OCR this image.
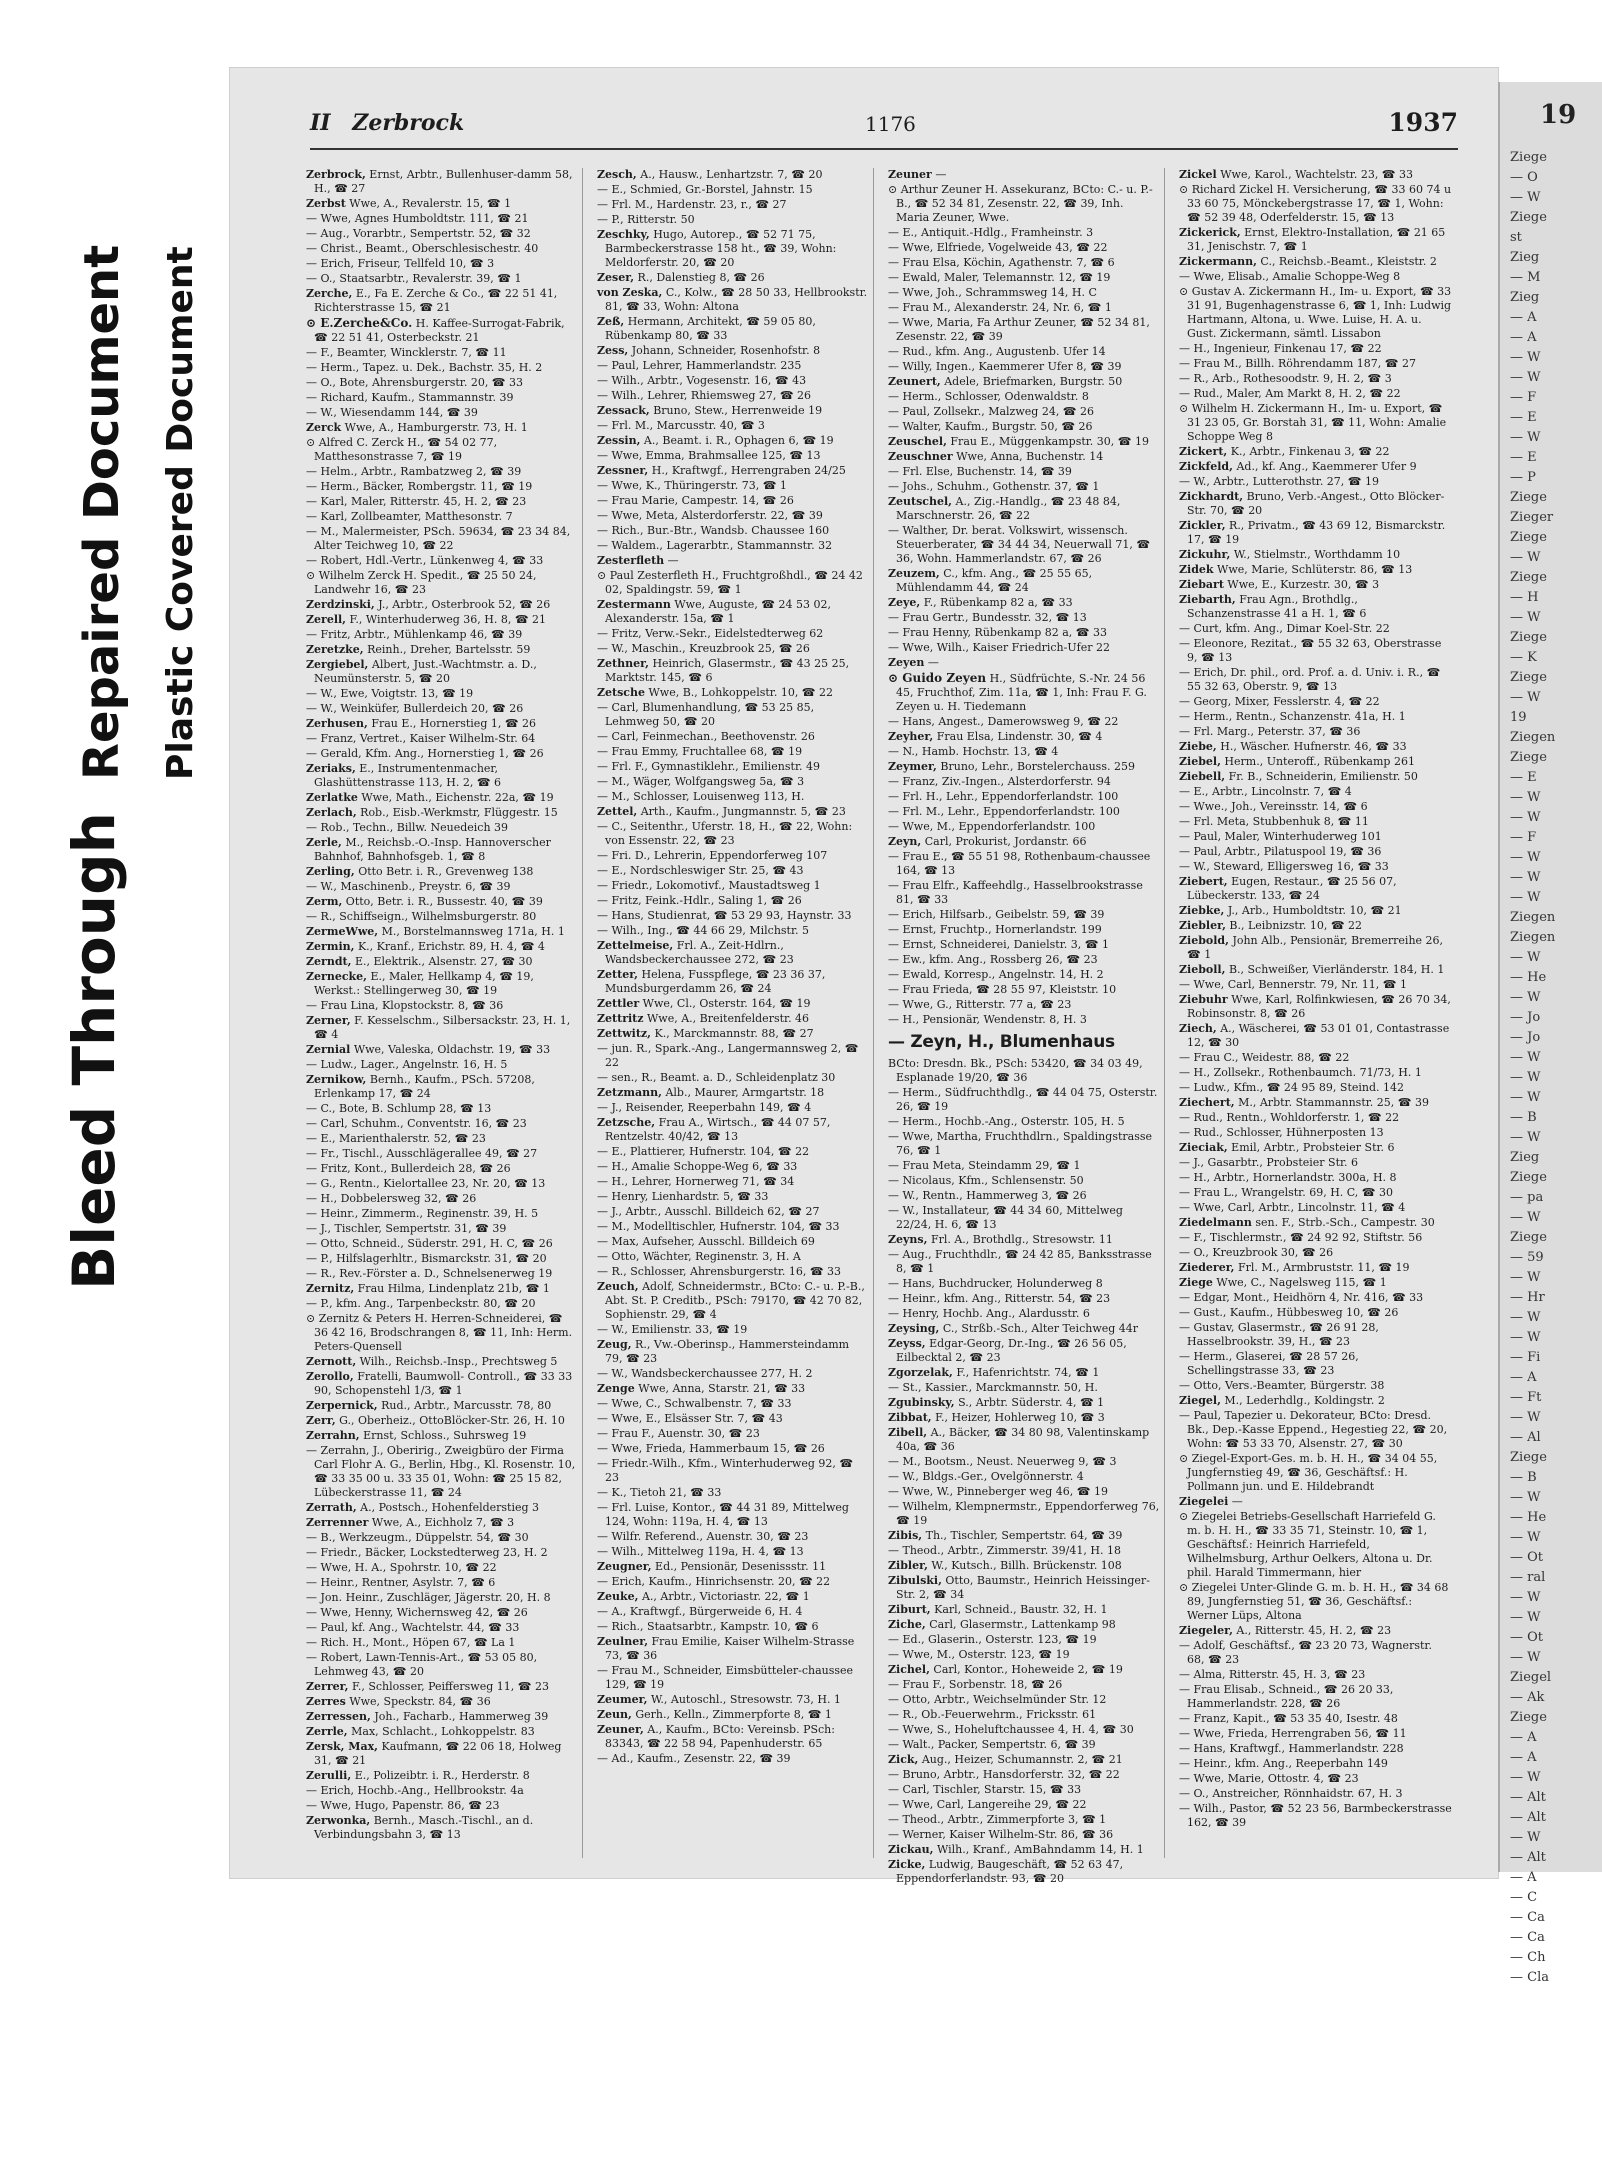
Bleed Through
Repaired Document Plastic Covered Document
II Zerbrock	1176	1937
Zerbrock, Ernst, Arbtr., Bullenhuser-damm 58, H., ☎ 27
Zerbst Wwe, A., Revalerstr. 15, ☎ 1
— Wwe, Agnes Humboldtstr. 111, ☎ 21
— Aug., Vorarbtr., Sempertstr. 52, ☎ 32
— Christ., Beamt., Oberschlesischestr. 40
— Erich, Friseur, Tellfeld 10, ☎ 3
— O., Staatsarbtr., Revalerstr. 39, ☎ 1
Zerche, E., Fa E. Zerche & Co., ☎ 22 51 41, Richterstrasse 15, ☎ 21
⊙ E.Zerche&Co. H. Kaffee-Surrogat-Fabrik, ☎ 22 51 41, Osterbeckstr. 21
— F., Beamter, Wincklerstr. 7, ☎ 11
— Herm., Tapez. u. Dek., Bachstr. 35, H. 2
— O., Bote, Ahrensburgerstr. 20, ☎ 33
— Richard, Kaufm., Stammannstr. 39
— W., Wiesendamm 144, ☎ 39
Zerck Wwe, A., Hamburgerstr. 73, H. 1
⊙ Alfred C. Zerck H., ☎ 54 02 77, Matthesonstrasse 7, ☎ 19
— Helm., Arbtr., Rambatzweg 2, ☎ 39
— Herm., Bäcker, Rombergstr. 11, ☎ 19
— Karl, Maler, Ritterstr. 45, H. 2, ☎ 23
— Karl, Zollbeamter, Matthesonstr. 7
— M., Malermeister, PSch. 59634, ☎ 23 34 84, Alter Teichweg 10, ☎ 22
— Robert, Hdl.-Vertr., Lünkenweg 4, ☎ 33
⊙ Wilhelm Zerck H. Spedit., ☎ 25 50 24, Landwehr 16, ☎ 23
Zerdzinski, J., Arbtr., Osterbrook 52, ☎ 26
Zerell, F., Winterhuderweg 36, H. 8, ☎ 21
— Fritz, Arbtr., Mühlenkamp 46, ☎ 39
Zeretzke, Reinh., Dreher, Bartelsstr. 59
Zergiebel, Albert, Just.-Wachtmstr. a. D., Neumünsterstr. 5, ☎ 20
— W., Ewe, Voigtstr. 13, ☎ 19
— W., Weinküfer, Bullerdeich 20, ☎ 26
Zerhusen, Frau E., Hornerstieg 1, ☎ 26
— Franz, Vertret., Kaiser Wilhelm-Str. 64
— Gerald, Kfm. Ang., Hornerstieg 1, ☎ 26
Zeriaks, E., Instrumentenmacher, Glashüttenstrasse 113, H. 2, ☎ 6
Zerlatke Wwe, Math., Eichenstr. 22a, ☎ 19
Zerlach, Rob., Eisb.-Werkmstr, Flüggestr. 15
— Rob., Techn., Billw. Neuedeich 39
Zerle, M., Reichsb.-O.-Insp. Hannoverscher Bahnhof, Bahnhofsgeb. 1, ☎ 8
Zerling, Otto Betr. i. R., Grevenweg 138
— W., Maschinenb., Preystr. 6, ☎ 39
Zerm, Otto, Betr. i. R., Bussestr. 40, ☎ 39
— R., Schiffseign., Wilhelmsburgerstr. 80
ZermeWwe, M., Borstelmannsweg 171a, H. 1
Zermin, K., Kranf., Erichstr. 89, H. 4, ☎ 4
Zerndt, E., Elektrik., Alsenstr. 27, ☎ 30
Zernecke, E., Maler, Hellkamp 4, ☎ 19, Werkst.: Stellingerweg 30, ☎ 19
— Frau Lina, Klopstockstr. 8, ☎ 36
Zerner, F. Kesselschm., Silbersackstr. 23, H. 1, ☎ 4
Zernial Wwe, Valeska, Oldachstr. 19, ☎ 33
— Ludw., Lager., Angelnstr. 16, H. 5
Zernikow, Bernh., Kaufm., PSch. 57208, Erlenkamp 17, ☎ 24
— C., Bote, B. Schlump 28, ☎ 13
— Carl, Schuhm., Conventstr. 16, ☎ 23
— E., Marienthalerstr. 52, ☎ 23
— Fr., Tischl., Ausschlägerallee 49, ☎ 27
— Fritz, Kont., Bullerdeich 28, ☎ 26
— G., Rentn., Kielortallee 23, Nr. 20, ☎ 13
— H., Dobbelersweg 32, ☎ 26
— Heinr., Zimmerm., Reginenstr. 39, H. 5
— J., Tischler, Sempertstr. 31, ☎ 39
— Otto, Schneid., Süderstr. 291, H. C, ☎ 26
— P., Hilfslagerhltr., Bismarckstr. 31, ☎ 20
— R., Rev.-Förster a. D., Schnelsenerweg 19
Zernitz, Frau Hilma, Lindenplatz 21b, ☎ 1
— P., kfm. Ang., Tarpenbeckstr. 80, ☎ 20
⊙ Zernitz & Peters H. Herren-Schneiderei, ☎ 36 42 16, Brodschrangen 8, ☎ 11, Inh: Herm. Peters-Quensell
Zernott, Wilh., Reichsb.-Insp., Prechtsweg 5
Zerollo, Fratelli, Baumwoll- Controll., ☎ 33 33 90, Schopenstehl 1/3, ☎ 1
Zerpernick, Rud., Arbtr., Marcusstr. 78, 80
Zerr, G., Oberheiz., OttoBlöcker-Str. 26, H. 10
Zerrahn, Ernst, Schloss., Suhrsweg 19
— Zerrahn, J., Oberirig., Zweigbüro der Firma Carl Flohr A. G., Berlin, Hbg., Kl. Rosenstr. 10, ☎ 33 35 00 u. 33 35 01, Wohn: ☎ 25 15 82, Lübeckerstrasse 11, ☎ 24
Zerrath, A., Postsch., Hohenfelderstieg 3
Zerrenner Wwe, A., Eichholz 7, ☎ 3
— B., Werkzeugm., Düppelstr. 54, ☎ 30
— Friedr., Bäcker, Lockstedterweg 23, H. 2
— Wwe, H. A., Spohrstr. 10, ☎ 22
— Heinr., Rentner, Asylstr. 7, ☎ 6
— Jon. Heinr., Zuschläger, Jägerstr. 20, H. 8
— Wwe, Henny, Wichernsweg 42, ☎ 26
— Paul, kf. Ang., Wachtelstr. 44, ☎ 33
— Rich. H., Mont., Höpen 67, ☎ La 1
— Robert, Lawn-Tennis-Art., ☎ 53 05 80, Lehmweg 43, ☎ 20
Zerrer, F., Schlosser, Peiffersweg 11, ☎ 23
Zerres Wwe, Speckstr. 84, ☎ 36
Zerressen, Joh., Facharb., Hammerweg 39
Zerrle, Max, Schlacht., Lohkoppelstr. 83
Zersk, Max, Kaufmann, ☎ 22 06 18, Holweg 31, ☎ 21
Zerulli, E., Polizeibtr. i. R., Herderstr. 8
— Erich, Hochb.-Ang., Hellbrookstr. 4a
— Wwe, Hugo, Papenstr. 86, ☎ 23
Zerwonka, Bernh., Masch.-Tischl., an d. Verbindungsbahn 3, ☎ 13
Zesch, A., Hausw., Lenhartzstr. 7, ☎ 20
— E., Schmied, Gr.-Borstel, Jahnstr. 15
— Frl. M., Hardenstr. 23, r., ☎ 27
— P., Ritterstr. 50
Zeschky, Hugo, Autorep., ☎ 52 71 75, Barmbeckerstrasse 158 ht., ☎ 39, Wohn: Meldorferstr. 20, ☎ 20
Zeser, R., Dalenstieg 8, ☎ 26
von Zeska, C., Kolw., ☎ 28 50 33, Hellbrookstr. 81, ☎ 33, Wohn: Altona
Zeß, Hermann, Architekt, ☎ 59 05 80, Rübenkamp 80, ☎ 33
Zess, Johann, Schneider, Rosenhofstr. 8
— Paul, Lehrer, Hammerlandstr. 235
— Wilh., Arbtr., Vogesenstr. 16, ☎ 43
— Wilh., Lehrer, Rhiemsweg 27, ☎ 26
Zessack, Bruno, Stew., Herrenweide 19
— Frl. M., Marcusstr. 40, ☎ 3
Zessin, A., Beamt. i. R., Ophagen 6, ☎ 19
— Wwe, Emma, Brahmsallee 125, ☎ 13
Zessner, H., Kraftwgf., Herrengraben 24/25
— Wwe, K., Thüringerstr. 73, ☎ 1
— Frau Marie, Campestr. 14, ☎ 26
— Wwe, Meta, Alsterdorferstr. 22, ☎ 39
— Rich., Bur.-Btr., Wandsb. Chaussee 160
— Waldem., Lagerarbtr., Stammannstr. 32
Zesterfleth —
⊙ Paul Zesterfleth H., Fruchtgroßhdl., ☎ 24 42 02, Spaldingstr. 59, ☎ 1
Zestermann Wwe, Auguste, ☎ 24 53 02, Alexanderstr. 15a, ☎ 1
— Fritz, Verw.-Sekr., Eidelstedterweg 62
— W., Maschin., Kreuzbrook 25, ☎ 26
Zethner, Heinrich, Glasermstr., ☎ 43 25 25, Marktstr. 145, ☎ 6
Zetsche Wwe, B., Lohkoppelstr. 10, ☎ 22
— Carl, Blumenhandlung, ☎ 53 25 85, Lehmweg 50, ☎ 20
— Carl, Feinmechan., Beethovenstr. 26
— Frau Emmy, Fruchtallee 68, ☎ 19
— Frl. F., Gymnastiklehr., Emilienstr. 49
— M., Wäger, Wolfgangsweg 5a, ☎ 3
— M., Schlosser, Louisenweg 113, H.
Zettel, Arth., Kaufm., Jungmannstr. 5, ☎ 23
— C., Seitenthr., Uferstr. 18, H., ☎ 22, Wohn: von Essenstr. 22, ☎ 23
— Fri. D., Lehrerin, Eppendorferweg 107
— E., Nordschleswiger Str. 25, ☎ 43
— Friedr., Lokomotivf., Maustadtsweg 1
— Fritz, Feink.-Hdlr., Saling 1, ☎ 26
— Hans, Studienrat, ☎ 53 29 93, Haynstr. 33
— Wilh., Ing., ☎ 44 66 29, Milchstr. 5
Zettelmeise, Frl. A., Zeit-Hdlrn., Wandsbeckerchaussee 272, ☎ 23
Zetter, Helena, Fusspflege, ☎ 23 36 37, Mundsburgerdamm 26, ☎ 24
Zettler Wwe, Cl., Osterstr. 164, ☎ 19
Zettritz Wwe, A., Breitenfelderstr. 46
Zettwitz, K., Marckmannstr. 88, ☎ 27
— jun. R., Spark.-Ang., Langermannsweg 2, ☎ 22
— sen., R., Beamt. a. D., Schleidenplatz 30
Zetzmann, Alb., Maurer, Armgartstr. 18
— J., Reisender, Reeperbahn 149, ☎ 4
Zetzsche, Frau A., Wirtsch., ☎ 44 07 57, Rentzelstr. 40/42, ☎ 13
— E., Plattierer, Hufnerstr. 104, ☎ 22
— H., Amalie Schoppe-Weg 6, ☎ 33
— H., Lehrer, Hornerweg 71, ☎ 34
— Henry, Lienhardstr. 5, ☎ 33
— J., Arbtr., Ausschl. Billdeich 62, ☎ 27
— M., Modelltischler, Hufnerstr. 104, ☎ 33
— Max, Aufseher, Ausschl. Billdeich 69
— Otto, Wächter, Reginenstr. 3, H. A
— R., Schlosser, Ahrensburgerstr. 16, ☎ 33
Zeuch, Adolf, Schneidermstr., BCto: C.- u. P.-B., Abt. St. P. Creditb., PSch: 79170, ☎ 42 70 82, Sophienstr. 29, ☎ 4
— W., Emilienstr. 33, ☎ 19
Zeug, R., Vw.-Oberinsp., Hammersteindamm 79, ☎ 23
— W., Wandsbeckerchaussee 277, H. 2
Zenge Wwe, Anna, Starstr. 21, ☎ 33
— Wwe, C., Schwalbenstr. 7, ☎ 33
— Wwe, E., Elsässer Str. 7, ☎ 43
— Frau F., Auenstr. 30, ☎ 23
— Wwe, Frieda, Hammerbaum 15, ☎ 26
— Friedr.-Wilh., Kfm., Winterhuderweg 92, ☎ 23
— K., Tietoh 21, ☎ 33
— Frl. Luise, Kontor., ☎ 44 31 89, Mittelweg 124, Wohn: 119a, H. 4, ☎ 13
— Wilfr. Referend., Auenstr. 30, ☎ 23
— Wilh., Mittelweg 119a, H. 4, ☎ 13
Zeugner, Ed., Pensionär, Desenissstr. 11
— Erich, Kaufm., Hinrichsenstr. 20, ☎ 22
Zeuke, A., Arbtr., Victoriastr. 22, ☎ 1
— A., Kraftwgf., Bürgerweide 6, H. 4
— Rich., Staatsarbtr., Kampstr. 10, ☎ 6
Zeulner, Frau Emilie, Kaiser Wilhelm-Strasse 73, ☎ 36
— Frau M., Schneider, Eimsbütteler-chaussee 129, ☎ 19
Zeumer, W., Autoschl., Stresowstr. 73, H. 1
Zeun, Gerh., Kelln., Zimmerpforte 8, ☎ 1
Zeuner, A., Kaufm., BCto: Vereinsb. PSch: 83343, ☎ 22 58 94, Papenhuderstr. 65
— Ad., Kaufm., Zesenstr. 22, ☎ 39
Zeuner —
⊙ Arthur Zeuner H. Assekuranz, BCto: C.- u. P.-B., ☎ 52 34 81, Zesenstr. 22, ☎ 39, Inh. Maria Zeuner, Wwe.
— E., Antiquit.-Hdlg., Framheinstr. 3
— Wwe, Elfriede, Vogelweide 43, ☎ 22
— Frau Elsa, Köchin, Agathenstr. 7, ☎ 6
— Ewald, Maler, Telemannstr. 12, ☎ 19
— Wwe, Joh., Schrammsweg 14, H. C
— Frau M., Alexanderstr. 24, Nr. 6, ☎ 1
— Wwe, Maria, Fa Arthur Zeuner, ☎ 52 34 81, Zesenstr. 22, ☎ 39
— Rud., kfm. Ang., Augustenb. Ufer 14
— Willy, Ingen., Kaemmerer Ufer 8, ☎ 39
Zeunert, Adele, Briefmarken, Burgstr. 50
— Herm., Schlosser, Odenwaldstr. 8
— Paul, Zollsekr., Malzweg 24, ☎ 26
— Walter, Kaufm., Burgstr. 50, ☎ 26
Zeuschel, Frau E., Müggenkampstr. 30, ☎ 19
Zeuschner Wwe, Anna, Buchenstr. 14
— Frl. Else, Buchenstr. 14, ☎ 39
— Johs., Schuhm., Gothenstr. 37, ☎ 1
Zeutschel, A., Zig.-Handlg., ☎ 23 48 84, Marschnerstr. 26, ☎ 22
— Walther, Dr. berat. Volkswirt, wissensch. Steuerberater, ☎ 34 44 34, Neuerwall 71, ☎ 36, Wohn. Hammerlandstr. 67, ☎ 26
Zeuzem, C., kfm. Ang., ☎ 25 55 65, Mühlendamm 44, ☎ 24
Zeye, F., Rübenkamp 82 a, ☎ 33
— Frau Gertr., Bundesstr. 32, ☎ 13
— Frau Henny, Rübenkamp 82 a, ☎ 33
— Wwe, Wilh., Kaiser Friedrich-Ufer 22
Zeyen —
⊙ Guido Zeyen H., Südfrüchte, S.-Nr. 24 56 45, Fruchthof, Zim. 11a, ☎ 1, Inh: Frau F. G. Zeyen u. H. Tiedemann
— Hans, Angest., Damerowsweg 9, ☎ 22
Zeyher, Frau Elsa, Lindenstr. 30, ☎ 4
— N., Hamb. Hochstr. 13, ☎ 4
Zeymer, Bruno, Lehr., Borstelerchauss. 259
— Franz, Ziv.-Ingen., Alsterdorferstr. 94
— Frl. H., Lehr., Eppendorferlandstr. 100
— Frl. M., Lehr., Eppendorferlandstr. 100
— Wwe, M., Eppendorferlandstr. 100
Zeyn, Carl, Prokurist, Jordanstr. 66
— Frau E., ☎ 55 51 98, Rothenbaum-chaussee 164, ☎ 13
— Frau Elfr., Kaffeehdlg., Hasselbrookstrasse 81, ☎ 33
— Erich, Hilfsarb., Geibelstr. 59, ☎ 39
— Ernst, Fruchtp., Hornerlandstr. 199
— Ernst, Schneiderei, Danielstr. 3, ☎ 1
— Ew., kfm. Ang., Rossberg 26, ☎ 23
— Ewald, Korresp., Angelnstr. 14, H. 2
— Frau Frieda, ☎ 28 55 97, Kleiststr. 10
— Wwe, G., Ritterstr. 77 a, ☎ 23
— H., Pensionär, Wendenstr. 8, H. 3
— Zeyn, H., Blumenhaus
BCto: Dresdn. Bk., PSch: 53420, ☎ 34 03 49, Esplanade 19/20, ☎ 36
— Herm., Südfruchthdlg., ☎ 44 04 75, Osterstr. 26, ☎ 19
— Herm., Hochb.-Ang., Osterstr. 105, H. 5
— Wwe, Martha, Fruchthdlrn., Spaldingstrasse 76, ☎ 1
— Frau Meta, Steindamm 29, ☎ 1
— Nicolaus, Kfm., Schlensenstr. 50
— W., Rentn., Hammerweg 3, ☎ 26
— W., Installateur, ☎ 44 34 60, Mittelweg 22/24, H. 6, ☎ 13
Zeyns, Frl. A., Brothdlg., Stresowstr. 11
— Aug., Fruchthdlr., ☎ 24 42 85, Banksstrasse 8, ☎ 1
— Hans, Buchdrucker, Holunderweg 8
— Heinr., kfm. Ang., Ritterstr. 54, ☎ 23
— Henry, Hochb. Ang., Alardusstr. 6
Zeysing, C., Strßb.-Sch., Alter Teichweg 44r
Zeyss, Edgar-Georg, Dr.-Ing., ☎ 26 56 05, Eilbecktal 2, ☎ 23
Zgorzelak, F., Hafenrichtstr. 74, ☎ 1
— St., Kassier., Marckmannstr. 50, H.
Zgubinsky, S., Arbtr. Süderstr. 4, ☎ 1
Zibbat, F., Heizer, Hohlerweg 10, ☎ 3
Zibell, A., Bäcker, ☎ 34 80 98, Valentinskamp 40a, ☎ 36
— M., Bootsm., Neust. Neuerweg 9, ☎ 3
— W., Bldgs.-Ger., Ovelgönnerstr. 4
— Wwe, W., Pinneberger weg 46, ☎ 19
— Wilhelm, Klempnermstr., Eppendorferweg 76, ☎ 19
Zibis, Th., Tischler, Sempertstr. 64, ☎ 39
— Theod., Arbtr., Zimmerstr. 39/41, H. 18
Zibler, W., Kutsch., Billh. Brückenstr. 108
Zibulski, Otto, Baumstr., Heinrich Heissinger-Str. 2, ☎ 34
Ziburt, Karl, Schneid., Baustr. 32, H. 1
Ziche, Carl, Glasermstr., Lattenkamp 98
— Ed., Glaserin., Osterstr. 123, ☎ 19
— Wwe, M., Osterstr. 123, ☎ 19
Zichel, Carl, Kontor., Hoheweide 2, ☎ 19
— Frau F., Sorbenstr. 18, ☎ 26
— Otto, Arbtr., Weichselmünder Str. 12
— R., Ob.-Feuerwehrm., Fricksstr. 61
— Wwe, S., Hoheluftchaussee 4, H. 4, ☎ 30
— Walt., Packer, Sempertstr. 6, ☎ 39
Zick, Aug., Heizer, Schumannstr. 2, ☎ 21
— Bruno, Arbtr., Hansdorferstr. 32, ☎ 22
— Carl, Tischler, Starstr. 15, ☎ 33
— Wwe, Carl, Langereihe 29, ☎ 22
— Theod., Arbtr., Zimmerpforte 3, ☎ 1
— Werner, Kaiser Wilhelm-Str. 86, ☎ 36
Zickau, Wilh., Kranf., AmBahndamm 14, H. 1
Zicke, Ludwig, Baugeschäft, ☎ 52 63 47, Eppendorferlandstr. 93, ☎ 20
Zickel Wwe, Karol., Wachtelstr. 23, ☎ 33
⊙ Richard Zickel H. Versicherung, ☎ 33 60 74 u 33 60 75, Mönckebergstrasse 17, ☎ 1, Wohn: ☎ 52 39 48, Oderfelderstr. 15, ☎ 13
Zickerick, Ernst, Elektro-Installation, ☎ 21 65 31, Jenischstr. 7, ☎ 1
Zickermann, C., Reichsb.-Beamt., Kleiststr. 2
— Wwe, Elisab., Amalie Schoppe-Weg 8
⊙ Gustav A. Zickermann H., Im- u. Export, ☎ 33 31 91, Bugenhagenstrasse 6, ☎ 1, Inh: Ludwig Hartmann, Altona, u. Wwe. Luise, H. A. u. Gust. Zickermann, sämtl. Lissabon
— H., Ingenieur, Finkenau 17, ☎ 22
— Frau M., Billh. Röhrendamm 187, ☎ 27
— R., Arb., Rothesoodstr. 9, H. 2, ☎ 3
— Rud., Maler, Am Markt 8, H. 2, ☎ 22
⊙ Wilhelm H. Zickermann H., Im- u. Export, ☎ 31 23 05, Gr. Borstah 31, ☎ 11, Wohn: Amalie Schoppe Weg 8
Zickert, K., Arbtr., Finkenau 3, ☎ 22
Zickfeld, Ad., kf. Ang., Kaemmerer Ufer 9
— W., Arbtr., Lutterothstr. 27, ☎ 19
Zickhardt, Bruno, Verb.-Angest., Otto Blöcker-Str. 70, ☎ 20
Zickler, R., Privatm., ☎ 43 69 12, Bismarckstr. 17, ☎ 19
Zickuhr, W., Stielmstr., Worthdamm 10
Zidek Wwe, Marie, Schlüterstr. 86, ☎ 13
Ziebart Wwe, E., Kurzestr. 30, ☎ 3
Ziebarth, Frau Agn., Brothdlg., Schanzenstrasse 41 a H. 1, ☎ 6
— Curt, kfm. Ang., Dimar Koel-Str. 22
— Eleonore, Rezitat., ☎ 55 32 63, Oberstrasse 9, ☎ 13
— Erich, Dr. phil., ord. Prof. a. d. Univ. i. R., ☎ 55 32 63, Oberstr. 9, ☎ 13
— Georg, Mixer, Fesslerstr. 4, ☎ 22
— Herm., Rentn., Schanzenstr. 41a, H. 1
— Frl. Marg., Peterstr. 37, ☎ 36
Ziebe, H., Wäscher. Hufnerstr. 46, ☎ 33
Ziebel, Herm., Unteroff., Rübenkamp 261
Ziebell, Fr. B., Schneiderin, Emilienstr. 50
— E., Arbtr., Lincolnstr. 7, ☎ 4
— Wwe., Joh., Vereinsstr. 14, ☎ 6
— Frl. Meta, Stubbenhuk 8, ☎ 11
— Paul, Maler, Winterhuderweg 101
— Paul, Arbtr., Pilatuspool 19, ☎ 36
— W., Steward, Elligersweg 16, ☎ 33
Ziebert, Eugen, Restaur., ☎ 25 56 07, Lübeckerstr. 133, ☎ 24
Ziebke, J., Arb., Humboldtstr. 10, ☎ 21
Ziebler, B., Leibnizstr. 10, ☎ 22
Ziebold, John Alb., Pensionär, Bremerreihe 26, ☎ 1
Zieboll, B., Schweißer, Vierländerstr. 184, H. 1
— Wwe, Carl, Bennerstr. 79, Nr. 11, ☎ 1
Ziebuhr Wwe, Karl, Rolfinkwiesen, ☎ 26 70 34, Robinsonstr. 8, ☎ 26
Ziech, A., Wäscherei, ☎ 53 01 01, Contastrasse 12, ☎ 30
— Frau C., Weidestr. 88, ☎ 22
— H., Zollsekr., Rothenbaumch. 71/73, H. 1
— Ludw., Kfm., ☎ 24 95 89, Steind. 142
Ziechert, M., Arbtr. Stammannstr. 25, ☎ 39
— Rud., Rentn., Wohldorferstr. 1, ☎ 22
— Rud., Schlosser, Hühnerposten 13
Zieciak, Emil, Arbtr., Probsteier Str. 6
— J., Gasarbtr., Probsteier Str. 6
— H., Arbtr., Hornerlandstr. 300a, H. 8
— Frau L., Wrangelstr. 69, H. C, ☎ 30
— Wwe, Carl, Arbtr., Lincolnstr. 11, ☎ 4
Ziedelmann sen. F., Strb.-Sch., Campestr. 30
— F., Tischlermstr., ☎ 24 92 92, Stiftstr. 56
— O., Kreuzbrook 30, ☎ 26
Ziederer, Frl. M., Armbruststr. 11, ☎ 19
Ziege Wwe, C., Nagelsweg 115, ☎ 1
— Edgar, Mont., Heidhörn 4, Nr. 416, ☎ 33
— Gust., Kaufm., Hübbesweg 10, ☎ 26
— Gustav, Glasermstr., ☎ 26 91 28, Hasselbrookstr. 39, H., ☎ 23
— Herm., Glaserei, ☎ 28 57 26, Schellingstrasse 33, ☎ 23
— Otto, Vers.-Beamter, Bürgerstr. 38
Ziegel, M., Lederhdlg., Koldingstr. 2
— Paul, Tapezier u. Dekorateur, BCto: Dresd. Bk., Dep.-Kasse Eppend., Hegestieg 22, ☎ 20, Wohn: ☎ 53 33 70, Alsenstr. 27, ☎ 30
⊙ Ziegel-Export-Ges. m. b. H. H., ☎ 34 04 55, Jungfernstieg 49, ☎ 36, Geschäftsf.: H. Pollmann jun. und E. Hildebrandt
Ziegelei —
⊙ Ziegelei Betriebs-Gesellschaft Harriefeld G. m. b. H. H., ☎ 33 35 71, Steinstr. 10, ☎ 1, Geschäftsf.: Heinrich Harriefeld, Wilhelmsburg, Arthur Oelkers, Altona u. Dr. phil. Harald Timmermann, hier
⊙ Ziegelei Unter-Glinde G. m. b. H. H., ☎ 34 68 89, Jungfernstieg 51, ☎ 36, Geschäftsf.: Werner Lüps, Altona
Ziegeler, A., Ritterstr. 45, H. 2, ☎ 23
— Adolf, Geschäftsf., ☎ 23 20 73, Wagnerstr. 68, ☎ 23
— Alma, Ritterstr. 45, H. 3, ☎ 23
— Frau Elisab., Schneid., ☎ 26 20 33, Hammerlandstr. 228, ☎ 26
— Franz, Kapit., ☎ 53 35 40, Isestr. 48
— Wwe, Frieda, Herrengraben 56, ☎ 11
— Hans, Kraftwgf., Hammerlandstr. 228
— Heinr., kfm. Ang., Reeperbahn 149
— Wwe, Marie, Ottostr. 4, ☎ 23
— O., Anstreicher, Rönnhaidstr. 67, H. 3
— Wilh., Pastor, ☎ 52 23 56, Barmbeckerstrasse 162, ☎ 39
19
Ziege
— O
— W
Ziege
st
Zieg
— M
Zieg
— A
— A
— W
— W
— F
— E
— W
— E
— P
Ziege
Zieger
Ziege
— W
Ziege
— H
— W
Ziege
— K
Ziege
— W
19
Ziegen
Ziege
— E
— W
— W
— F
— W
— W
— W
Ziegen
Ziegen
— W
— He
— W
— Jo
— Jo
— W
— W
— W
— B
— W
Zieg
Ziege
— pa
— W
Ziege
— 59
— W
— Hr
— W
— W
— Fi
— A
— Ft
— W
— Al
Ziege
— B
— W
— He
— W
— Ot
— ral
— W
— W
— Ot
— W
Ziegel
— Ak
Ziege
— A
— A
— W
— Alt
— Alt
— W
— Alt
— A
— C
— Ca
— Ca
— Ch
— Cla
